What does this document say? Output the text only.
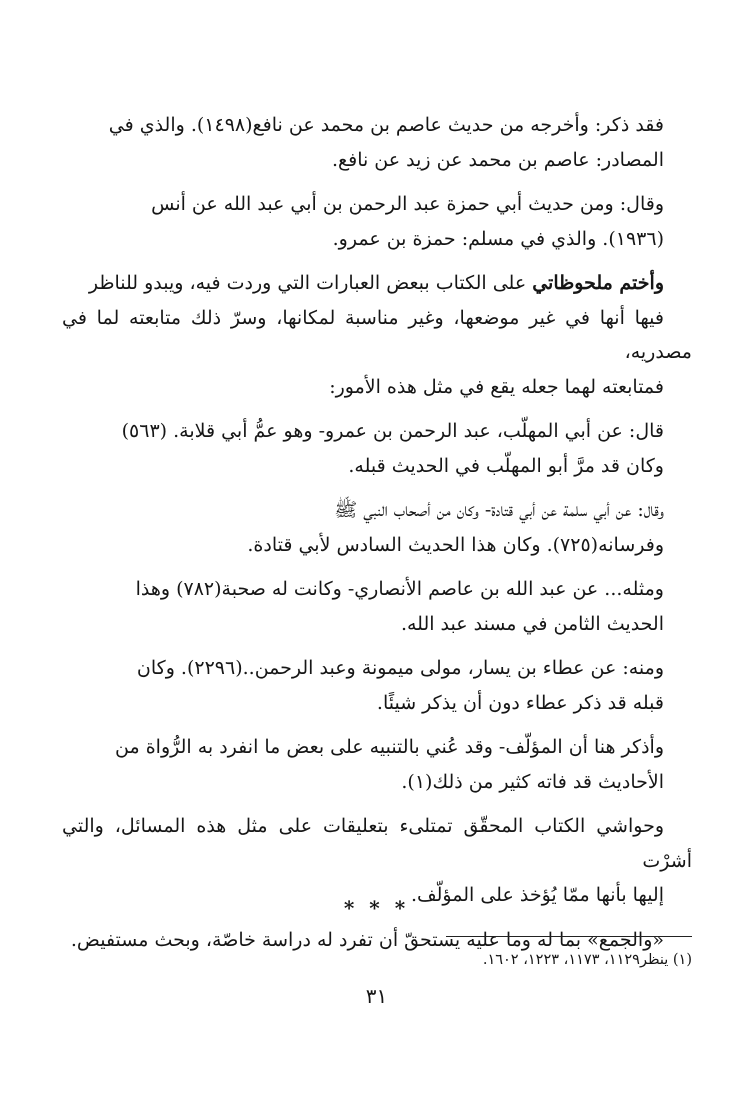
فقد ذكر: وأخرجه من حديث عاصم بن محمد عن نافع(١٤٩٨). والذي في
المصادر: عاصم بن محمد عن زيد عن نافع.

وقال: ومن حديث أبي حمزة عبد الرحمن بن أبي عبد الله عن أنس
(١٩٣٦). والذي في مسلم: حمزة بن عمرو.

وأختم ملحوظاتي على الكتاب ببعض العبارات التي وردت فيه، ويبدو للناظر
فيها أنها في غير موضعها، وغير مناسبة لمكانها، وسرّ ذلك متابعته لما في مصدريه،
فمتابعته لهما جعله يقع في مثل هذه الأمور:

قال: عن أبي المهلّب، عبد الرحمن بن عمرو- وهو عمُّ أبي قلابة. (٥٦٣)
وكان قد مرَّ أبو المهلّب في الحديث قبله.

وقال: عن أبي سلمة عن أبي قتادة- وكان من أصحاب النبي ﷺ
وفرسانه(٧٢٥). وكان هذا الحديث السادس لأبي قتادة.

ومثله... عن عبد الله بن عاصم الأنصاري- وكانت له صحبة(٧٨٢) وهذا
الحديث الثامن في مسند عبد الله.

ومنه: عن عطاء بن يسار، مولى ميمونة وعبد الرحمن..(٢٢٩٦). وكان
قبله قد ذكر عطاء دون أن يذكر شيئًا.

وأذكر هنا أن المؤلّف- وقد عُني بالتنبيه على بعض ما انفرد به الرُّواة من
الأحاديث قد فاته كثير من ذلك(١).

وحواشي الكتاب المحقّق تمتلىء بتعليقات على مثل هذه المسائل، والتي أشرْت
إليها بأنها ممّا يُؤخذ على المؤلّف.

«والجمع» بما له وما عليه يستحقّ أن تفرد له دراسة خاصّة، وبحث مستفيض.

* * *
(١) ينظر١١٢٩، ١١٧٣، ١٢٢٣، ١٦٠٢.
٣١
